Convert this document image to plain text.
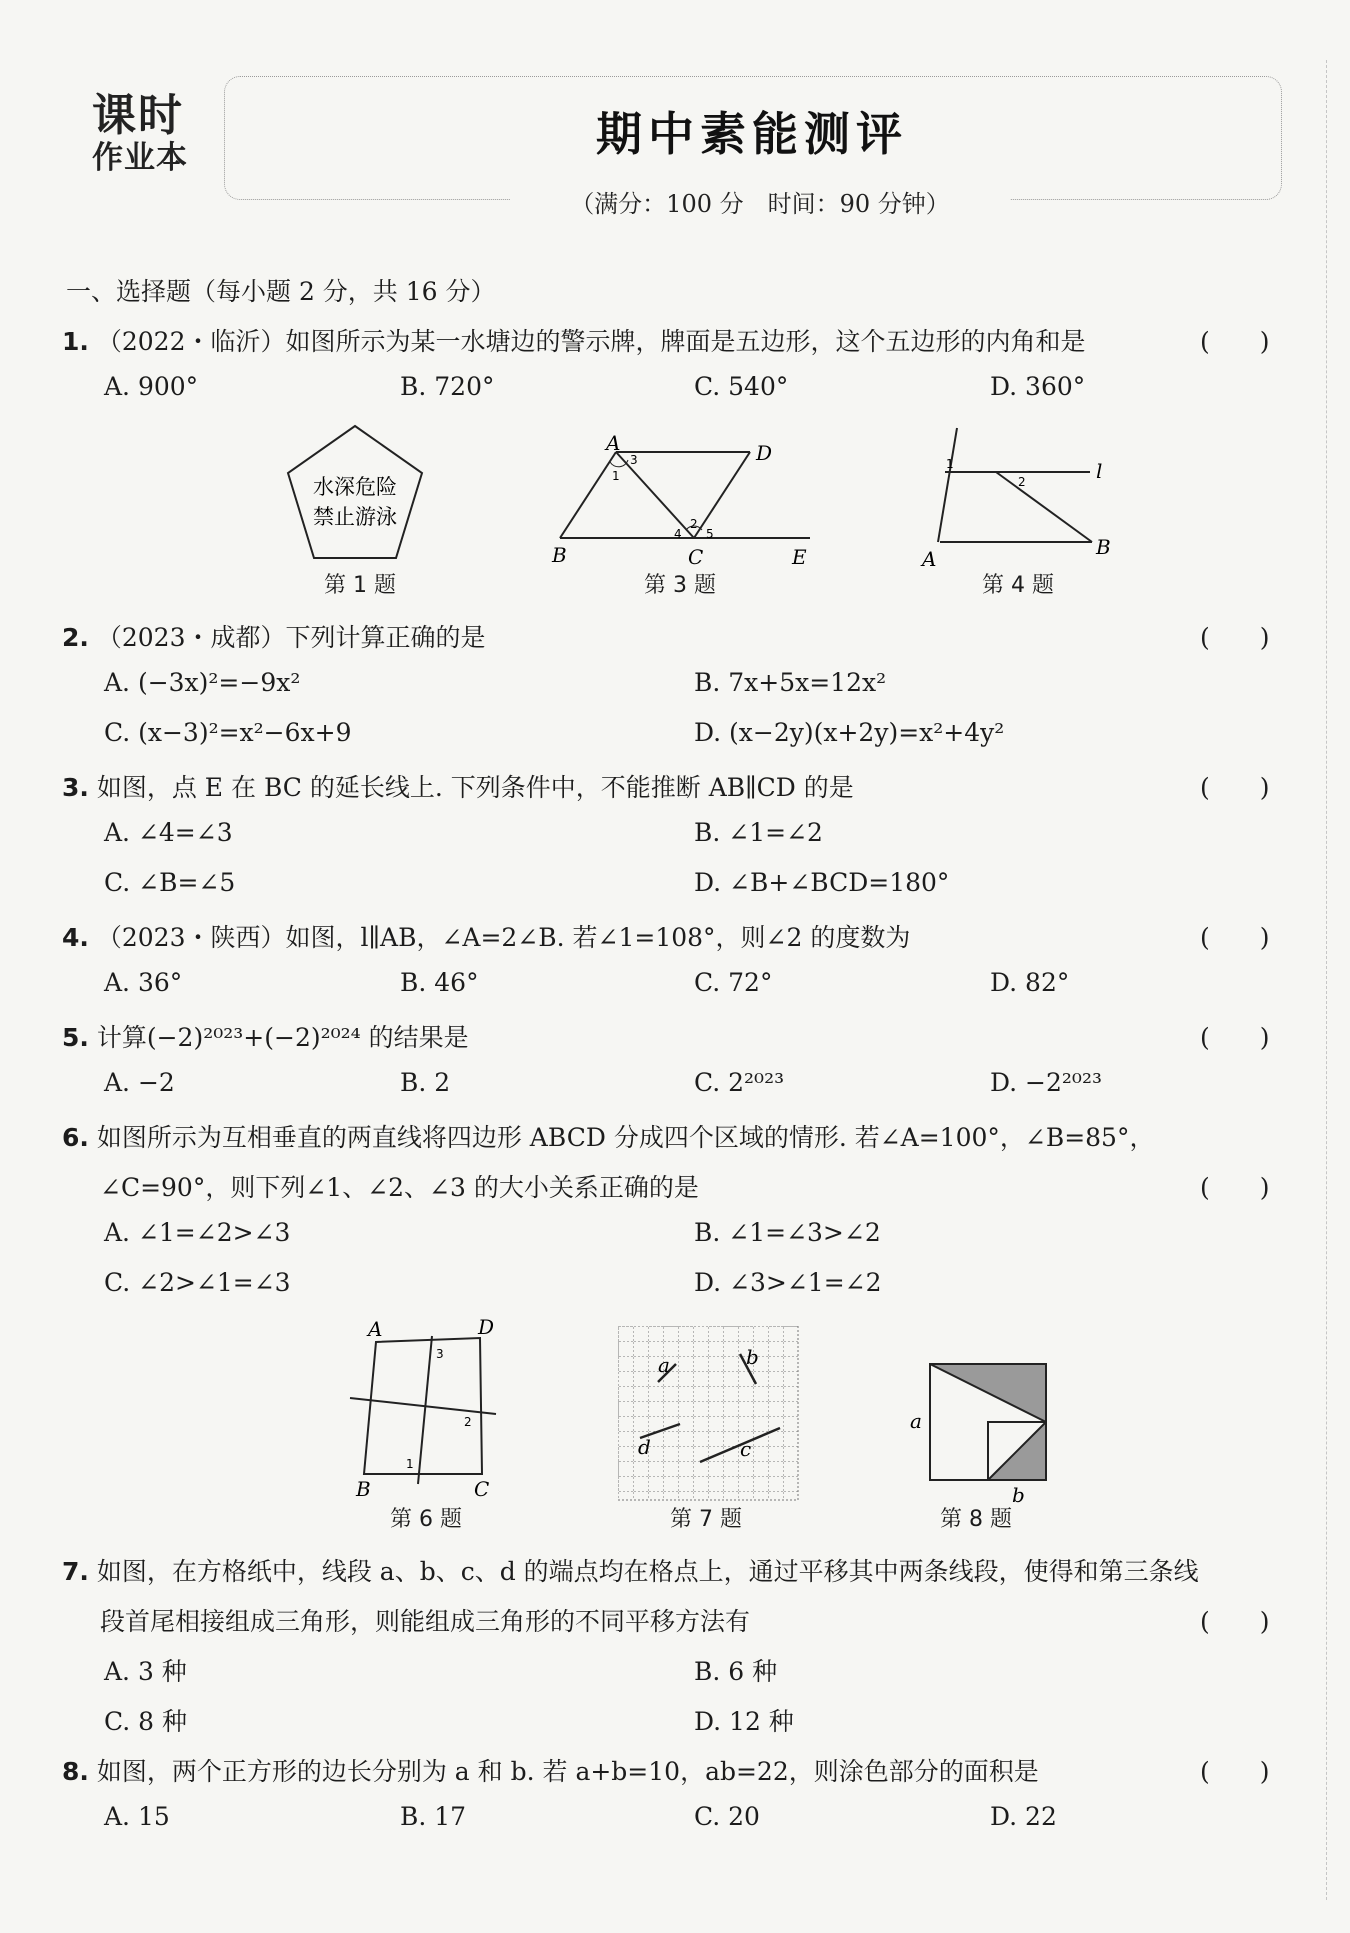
课时
作业本	期中素能测评
（满分：100 分　时间：90 分钟）
一、选择题（每小题 2 分，共 16 分）
1. （2022・临沂）如图所示为某一水塘边的警示牌，牌面是五边形，这个五边形的内角和是	(　　)
A. 900°	B. 720°	C. 540°	D. 360°
水深危险
禁止游泳
第 1 题
A	D
B	C	E
1
3
2
4 5
第 3 题
l
A	B
1
2
第 4 题
2. （2023・成都）下列计算正确的是	(　　)
A. (−3x)²=−9x²	B. 7x+5x=12x²
C. (x−3)²=x²−6x+9	D. (x−2y)(x+2y)=x²+4y²
3. 如图，点 E 在 BC 的延长线上. 下列条件中，不能推断 AB∥CD 的是	(　　)
A. ∠4=∠3	B. ∠1=∠2
C. ∠B=∠5	D. ∠B+∠BCD=180°
4. （2023・陕西）如图，l∥AB，∠A=2∠B. 若∠1=108°，则∠2 的度数为	(　　)
A. 36°	B. 46°	C. 72°	D. 82°
5. 计算(−2)²⁰²³+(−2)²⁰²⁴ 的结果是	(　　)
A. −2	B. 2	C. 2²⁰²³	D. −2²⁰²³
6. 如图所示为互相垂直的两直线将四边形 ABCD 分成四个区域的情形. 若∠A=100°，∠B=85°，
∠C=90°，则下列∠1、∠2、∠3 的大小关系正确的是	(　　)
A. ∠1=∠2>∠3	B. ∠1=∠3>∠2
C. ∠2>∠1=∠3	D. ∠3>∠1=∠2
A	D
B	C
1
2
3
第 6 题
a	b
d	c
第 7 题
a
b
第 8 题
7. 如图，在方格纸中，线段 a、b、c、d 的端点均在格点上，通过平移其中两条线段，使得和第三条线
段首尾相接组成三角形，则能组成三角形的不同平移方法有	(　　)
A. 3 种	B. 6 种
C. 8 种	D. 12 种
8. 如图，两个正方形的边长分别为 a 和 b. 若 a+b=10，ab=22，则涂色部分的面积是	(　　)
A. 15	B. 17	C. 20	D. 22
